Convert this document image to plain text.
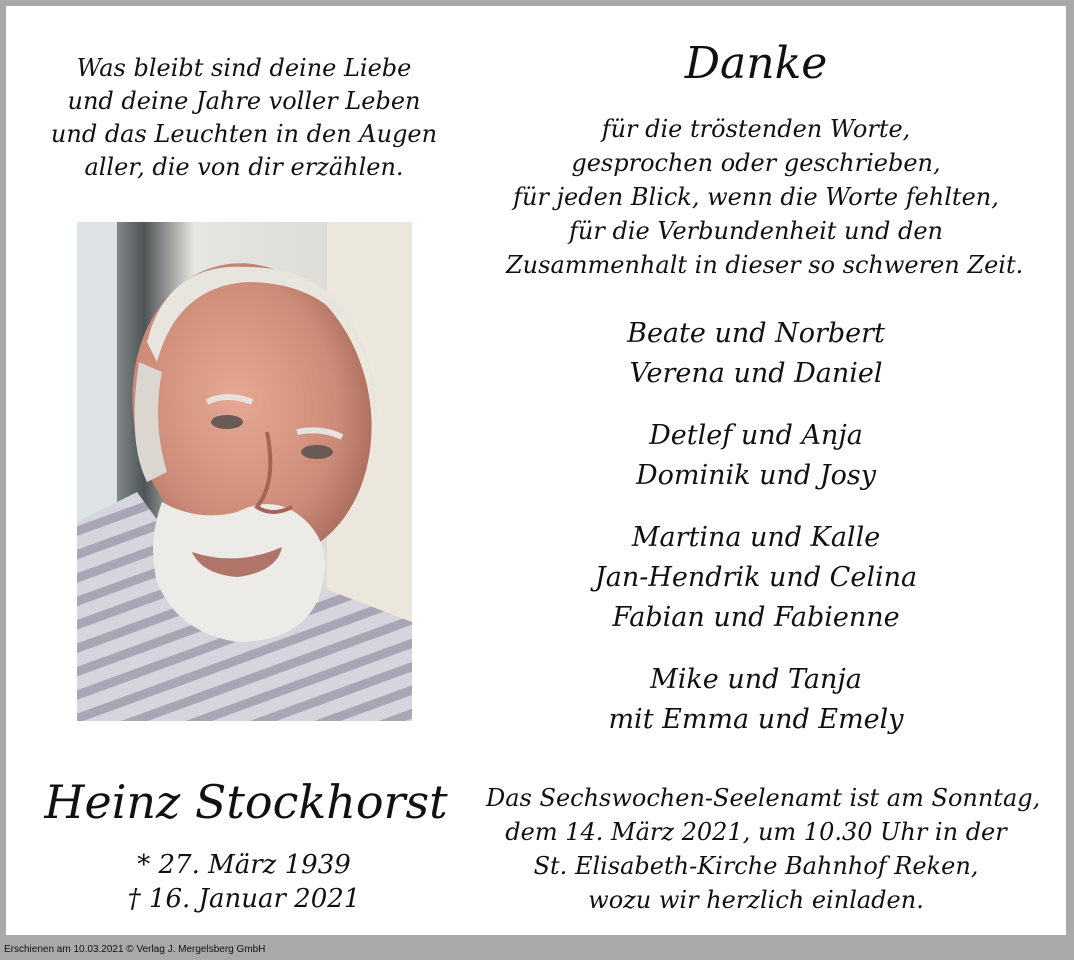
Was bleibt sind deine Liebe
und deine Jahre voller Leben
und das Leuchten in den Augen
aller, die von dir erzählen.
Heinz Stockhorst
* 27. März 1939
† 16. Januar 2021
Danke
für die tröstenden Worte,
gesprochen oder geschrieben,
für jeden Blick, wenn die Worte fehlten,
für die Verbundenheit und den
Zusammenhalt in dieser so schweren Zeit.
Beate und Norbert
Verena und Daniel
Detlef und Anja
Dominik und Josy
Martina und Kalle
Jan-Hendrik und Celina
Fabian und Fabienne
Mike und Tanja
mit Emma und Emely
Das Sechswochen-Seelenamt ist am Sonntag,
dem 14. März 2021, um 10.30 Uhr in der
St. Elisabeth-Kirche Bahnhof Reken,
wozu wir herzlich einladen.
Erschienen am 10.03.2021 © Verlag J. Mergelsberg GmbH
